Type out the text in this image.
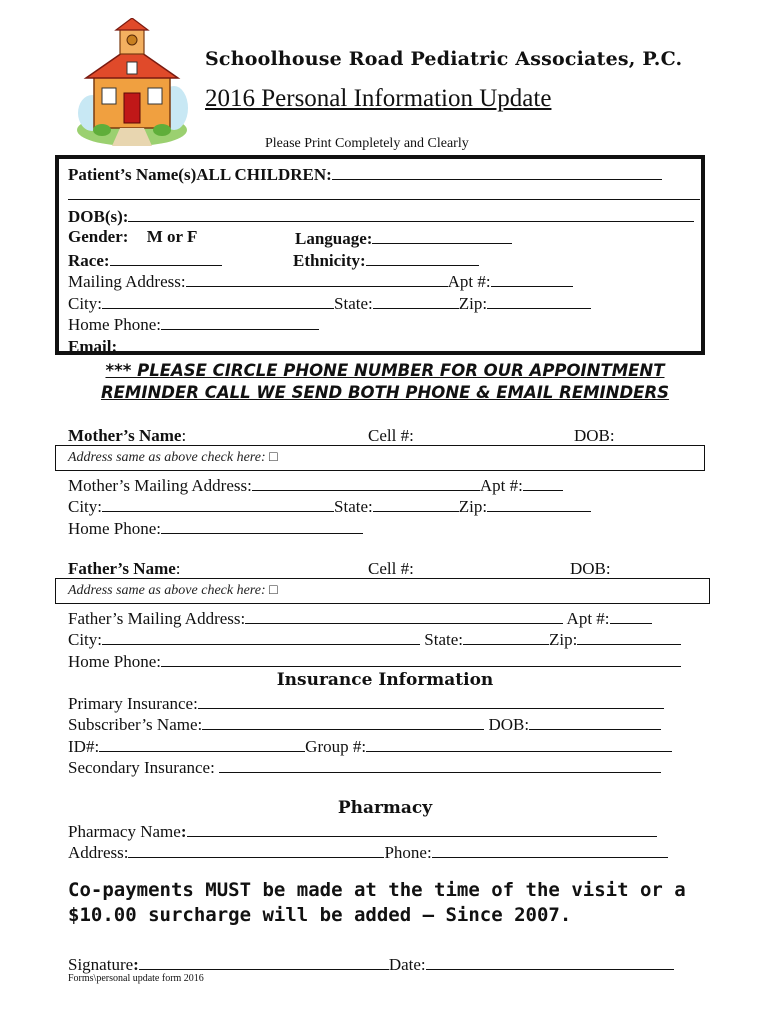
Schoolhouse Road Pediatric Associates, P.C.
2016 Personal Information Update
Please Print Completely and Clearly
Patient’s Name(s)ALL CHILDREN:
DOB(s):
Gender: M or F	Language:
Race:	Ethnicity:
Mailing Address:	Apt #:
City:	State:	Zip:
Home Phone:
Email:
*** PLEASE CIRCLE PHONE NUMBER FOR OUR APPOINTMENT
REMINDER CALL WE SEND BOTH PHONE & EMAIL REMINDERS
Mother’s Name:	Cell #:	DOB:
Address same as above check here: □
Mother’s Mailing Address:	Apt #:
City:	State:	Zip:
Home Phone:
Father’s Name:	Cell #:	DOB:
Address same as above check here: □
Father’s Mailing Address:	Apt #:
City:	State:	Zip:
Home Phone:
Insurance Information
Primary Insurance:
Subscriber’s Name:	DOB:
ID#:	Group #:
Secondary Insurance:
Pharmacy
Pharmacy Name:
Address:	Phone:
Co-payments MUST be made at the time of the visit or a
$10.00 surcharge will be added – Since 2007.
Signature:	Date:
Forms\personal update form 2016
